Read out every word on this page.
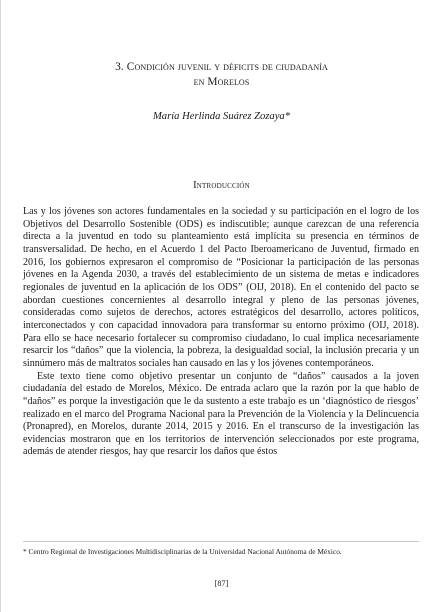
3. Condición juvenil y déficits de ciudadanía
en Morelos
María Herlinda Suárez Zozaya*
Introducción

Las y los jóvenes son actores fundamentales en la sociedad y su participación en el logro de los Objetivos del Desarrollo Sostenible (ODS) es indiscutible; aunque carezcan de una referencia directa a la juventud en todo su planteamiento está implícita su presencia en términos de transversalidad. De hecho, en el Acuerdo 1 del Pacto Iberoamericano de Juventud, firmado en 2016, los gobiernos expresaron el compromiso de “Posicionar la participación de las personas jóvenes en la Agenda 2030, a través del establecimiento de un sistema de metas e indicadores regionales de juventud en la aplicación de los ODS” (OIJ, 2018). En el contenido del pacto se abordan cuestiones concernientes al desarrollo integral y pleno de las personas jóvenes, consideradas como sujetos de derechos, actores estratégicos del desarrollo, actores políticos, interconectados y con capacidad innovadora para transformar su entorno próximo (OIJ, 2018). Para ello se hace necesario fortalecer su compromiso ciudadano, lo cual implica necesariamente resarcir los “daños” que la violencia, la pobreza, la desigualdad social, la inclusión precaria y un sinnúmero más de maltratos sociales han causado en las y los jóvenes contemporáneos.

Este texto tiene como objetivo presentar un conjunto de “daños” causados a la joven ciudadanía del estado de Morelos, México. De entrada aclaro que la razón por la que hablo de “daños” es porque la investigación que le da sustento a este trabajo es un ‘diagnóstico de riesgos’ realizado en el marco del Programa Nacional para la Prevención de la Violencia y la Delincuencia (Pronapred), en Morelos, durante 2014, 2015 y 2016. En el transcurso de la investigación las evidencias mostraron que en los territorios de intervención seleccionados por este programa, además de atender riesgos, hay que resarcir los daños que éstos

* Centro Regional de Investigaciones Multidisciplinarias de la Universidad Nacional Autónoma de México.
[87]
